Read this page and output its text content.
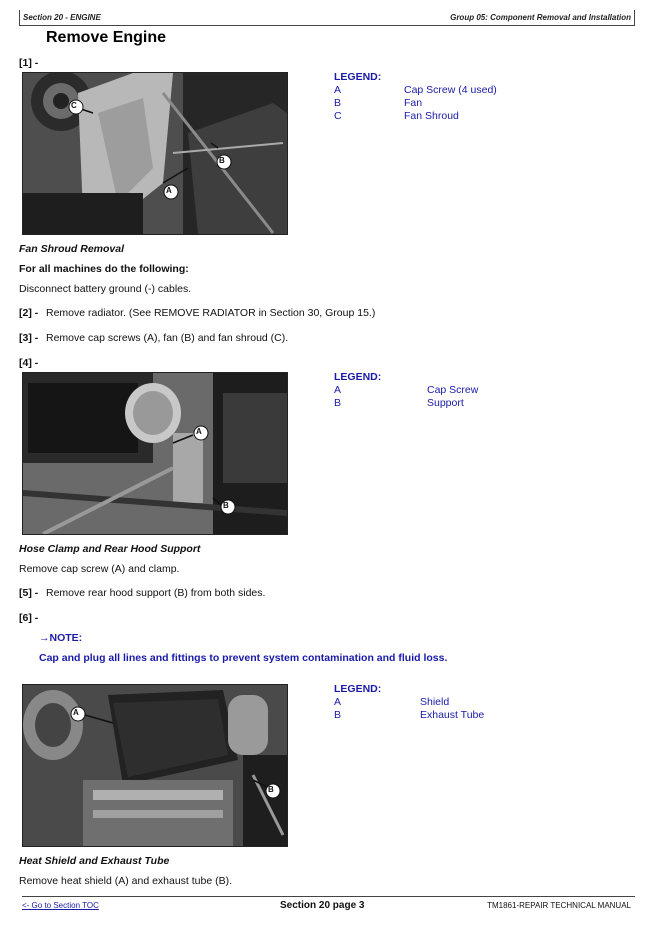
Section 20 - ENGINE	Group 05: Component Removal and Installation
Remove Engine
[1] -
C
A
B
LEGEND:
A	Cap Screw (4 used)
B	Fan
C	Fan Shroud
Fan Shroud Removal
For all machines do the following:
Disconnect battery ground (-) cables.
[2] - Remove radiator. (See REMOVE RADIATOR in Section 30, Group 15.)
[3] - Remove cap screws (A), fan (B) and fan shroud (C).
[4] -
A
B
LEGEND:
A	Cap Screw
B	Support
Hose Clamp and Rear Hood Support
Remove cap screw (A) and clamp.
[5] - Remove rear hood support (B) from both sides.
[6] -
→NOTE:
Cap and plug all lines and fittings to prevent system contamination and fluid loss.
A
B
LEGEND:
A	Shield
B	Exhaust Tube
Heat Shield and Exhaust Tube
Remove heat shield (A) and exhaust tube (B).
<- Go to Section TOC	Section 20 page 3	TM1861-REPAIR TECHNICAL MANUAL
